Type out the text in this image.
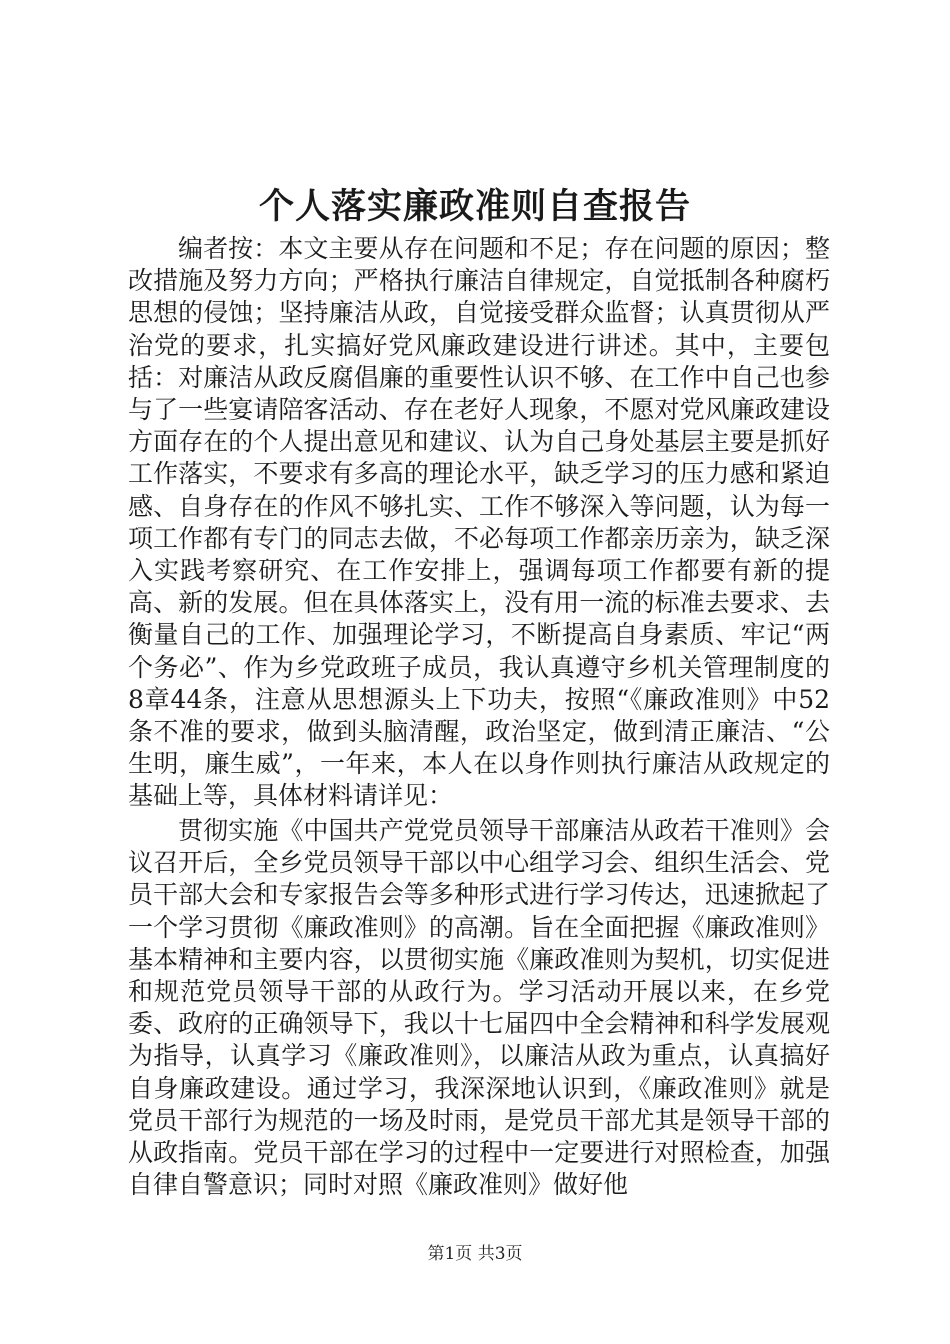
个人落实廉政准则自查报告

编者按：本文主要从存在问题和不足；存在问题的原因；整改措施及努力方向；严格执行廉洁自律规定，自觉抵制各种腐朽思想的侵蚀；坚持廉洁从政，自觉接受群众监督；认真贯彻从严治党的要求，扎实搞好党风廉政建设进行讲述。其中，主要包括：对廉洁从政反腐倡廉的重要性认识不够、在工作中自己也参与了一些宴请陪客活动、存在老好人现象，不愿对党风廉政建设方面存在的个人提出意见和建议、认为自己身处基层主要是抓好工作落实，不要求有多高的理论水平，缺乏学习的压力感和紧迫感、自身存在的作风不够扎实、工作不够深入等问题，认为每一项工作都有专门的同志去做，不必每项工作都亲历亲为，缺乏深入实践考察研究、在工作安排上，强调每项工作都要有新的提高、新的发展。但在具体落实上，没有用一流的标准去要求、去衡量自己的工作、加强理论学习，不断提高自身素质、牢记“两个务必”、作为乡党政班子成员，我认真遵守乡机关管理制度的8章44条，注意从思想源头上下功夫，按照“《廉政准则》中52条不准的要求，做到头脑清醒，政治坚定，做到清正廉洁、“公生明，廉生威”，一年来，本人在以身作则执行廉洁从政规定的基础上等，具体材料请详见：

贯彻实施《中国共产党党员领导干部廉洁从政若干准则》会议召开后，全乡党员领导干部以中心组学习会、组织生活会、党员干部大会和专家报告会等多种形式进行学习传达，迅速掀起了一个学习贯彻《廉政准则》的高潮。旨在全面把握《廉政准则》基本精神和主要内容，以贯彻实施《廉政准则为契机，切实促进和规范党员领导干部的从政行为。学习活动开展以来，在乡党委、政府的正确领导下，我以十七届四中全会精神和科学发展观为指导，认真学习《廉政准则》，以廉洁从政为重点，认真搞好自身廉政建设。通过学习，我深深地认识到，《廉政准则》就是党员干部行为规范的一场及时雨，是党员干部尤其是领导干部的从政指南。党员干部在学习的过程中一定要进行对照检查，加强自律自警意识；同时对照《廉政准则》做好他

第1页 共3页
